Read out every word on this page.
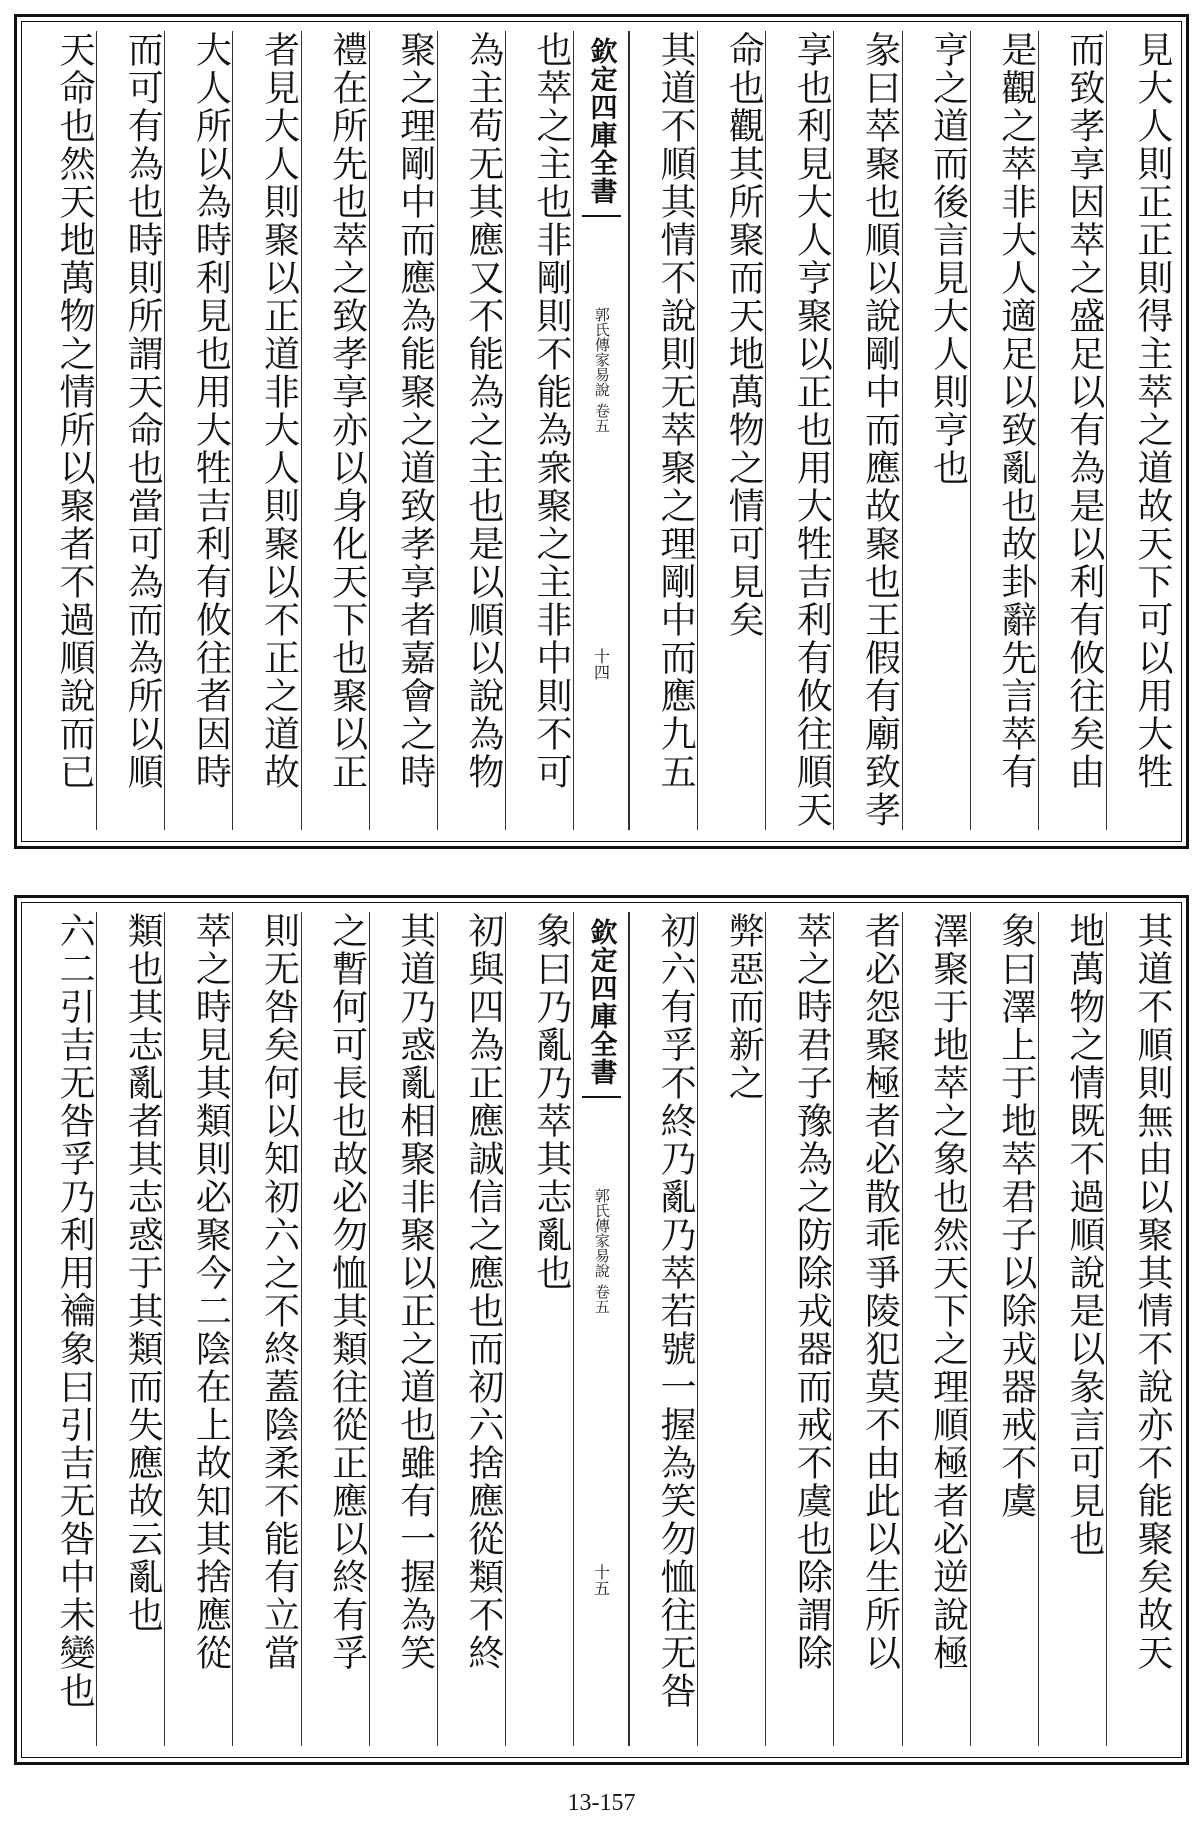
見大人則正正則得主萃之道故天下可以用大牲
而致孝享因萃之盛足以有為是以利有攸往矣由
是觀之萃非大人適足以致亂也故卦辭先言萃有
亨之道而後言見大人則亨也
彖曰萃聚也順以說剛中而應故聚也王假有廟致孝
享也利見大人亨聚以正也用大牲吉利有攸往順天
命也觀其所聚而天地萬物之情可見矣
其道不順其情不說則无萃聚之理剛中而應九五
欽定四庫全書
郭氏傳家易說
卷五
十四
也萃之主也非剛則不能為衆聚之主非中則不可
為主苟无其應又不能為之主也是以順以說為物
聚之理剛中而應為能聚之道致孝享者嘉會之時
禮在所先也萃之致孝享亦以身化天下也聚以正
者見大人則聚以正道非大人則聚以不正之道故
大人所以為時利見也用大牲吉利有攸往者因時
而可有為也時則所謂天命也當可為而為所以順
天命也然天地萬物之情所以聚者不過順說而已
其道不順則無由以聚其情不說亦不能聚矣故天
地萬物之情既不過順說是以彖言可見也
象曰澤上于地萃君子以除戎器戒不虞
澤聚于地萃之象也然天下之理順極者必逆說極
者必怨聚極者必散乖爭陵犯莫不由此以生所以
萃之時君子豫為之防除戎器而戒不虞也除謂除
弊惡而新之
初六有孚不終乃亂乃萃若號一握為笑勿恤往无咎
欽定四庫全書
郭氏傳家易說
卷五
十五
象曰乃亂乃萃其志亂也
初與四為正應誠信之應也而初六捨應從類不終
其道乃惑亂相聚非聚以正之道也雖有一握為笑
之暫何可長也故必勿恤其類往從正應以終有孚
則无咎矣何以知初六之不終蓋陰柔不能有立當
萃之時見其類則必聚今二陰在上故知其捨應從
類也其志亂者其志惑于其類而失應故云亂也
六二引吉无咎孚乃利用禴象曰引吉无咎中未變也
13-157
